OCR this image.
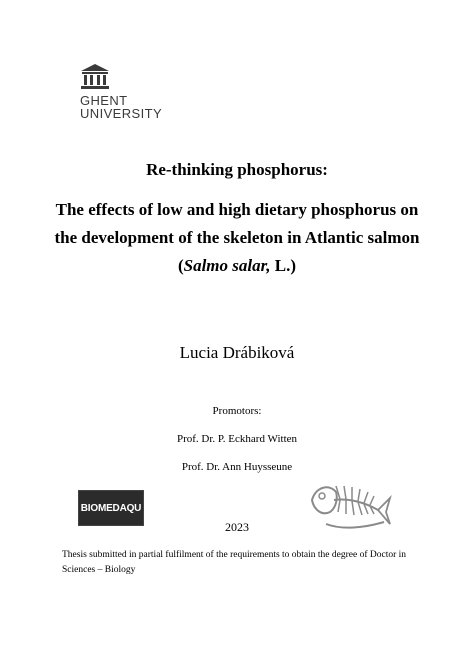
GHENT
UNIVERSITY
Re-thinking phosphorus:
The effects of low and high dietary phosphorus on
the development of the skeleton in Atlantic salmon
(Salmo salar, L.)
Lucia Drábiková
Promotors:
Prof. Dr. P. Eckhard Witten
Prof. Dr. Ann Huysseune
BIOMEDAQU
2023
Thesis submitted in partial fulfilment of the requirements to obtain the degree of Doctor in Sciences – Biology
